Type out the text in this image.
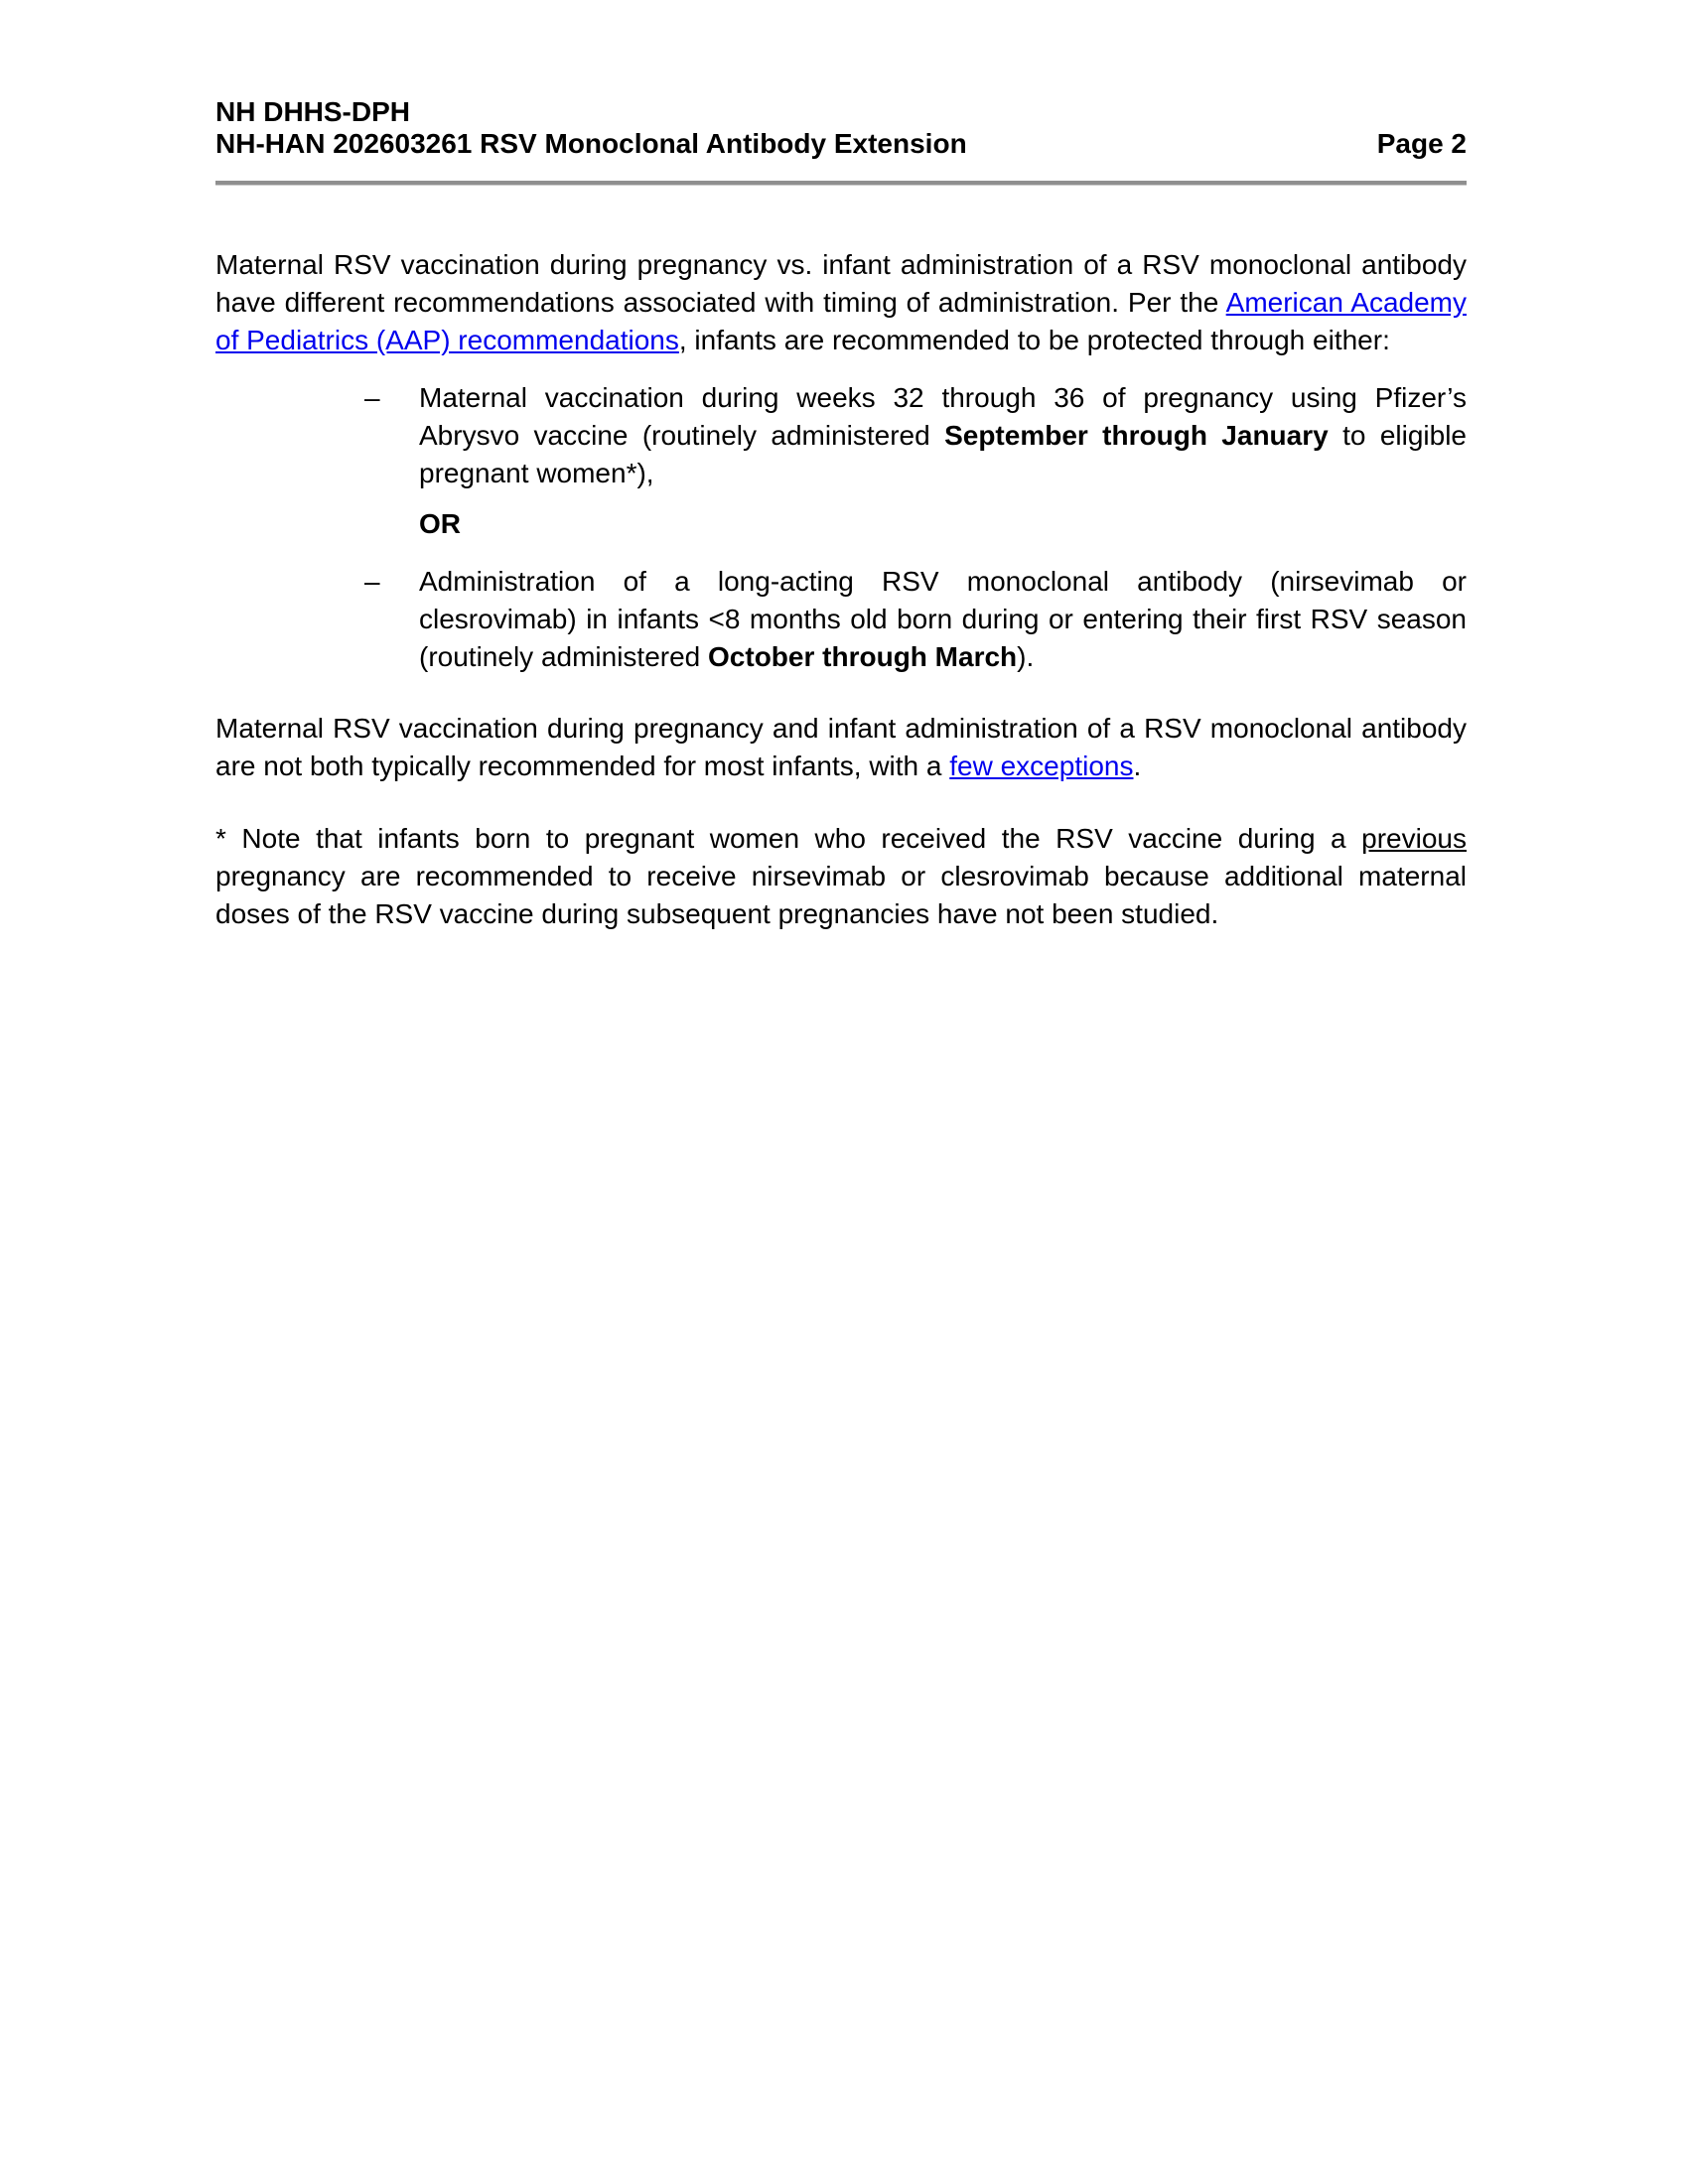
NH DHHS-DPH
NH-HAN 202603261 RSV Monoclonal Antibody Extension	Page 2

Maternal RSV vaccination during pregnancy vs. infant administration of a RSV monoclonal antibody have different recommendations associated with timing of administration. Per the American Academy of Pediatrics (AAP) recommendations, infants are recommended to be protected through either:

–	Maternal vaccination during weeks 32 through 36 of pregnancy using Pfizer’s Abrysvo vaccine (routinely administered September through January to eligible pregnant women*),

OR

–	Administration of a long-acting RSV monoclonal antibody (nirsevimab or clesrovimab) in infants <8 months old born during or entering their first RSV season (routinely administered October through March).

Maternal RSV vaccination during pregnancy and infant administration of a RSV monoclonal antibody are not both typically recommended for most infants, with a few exceptions.

* Note that infants born to pregnant women who received the RSV vaccine during a previous pregnancy are recommended to receive nirsevimab or clesrovimab because additional maternal doses of the RSV vaccine during subsequent pregnancies have not been studied.
